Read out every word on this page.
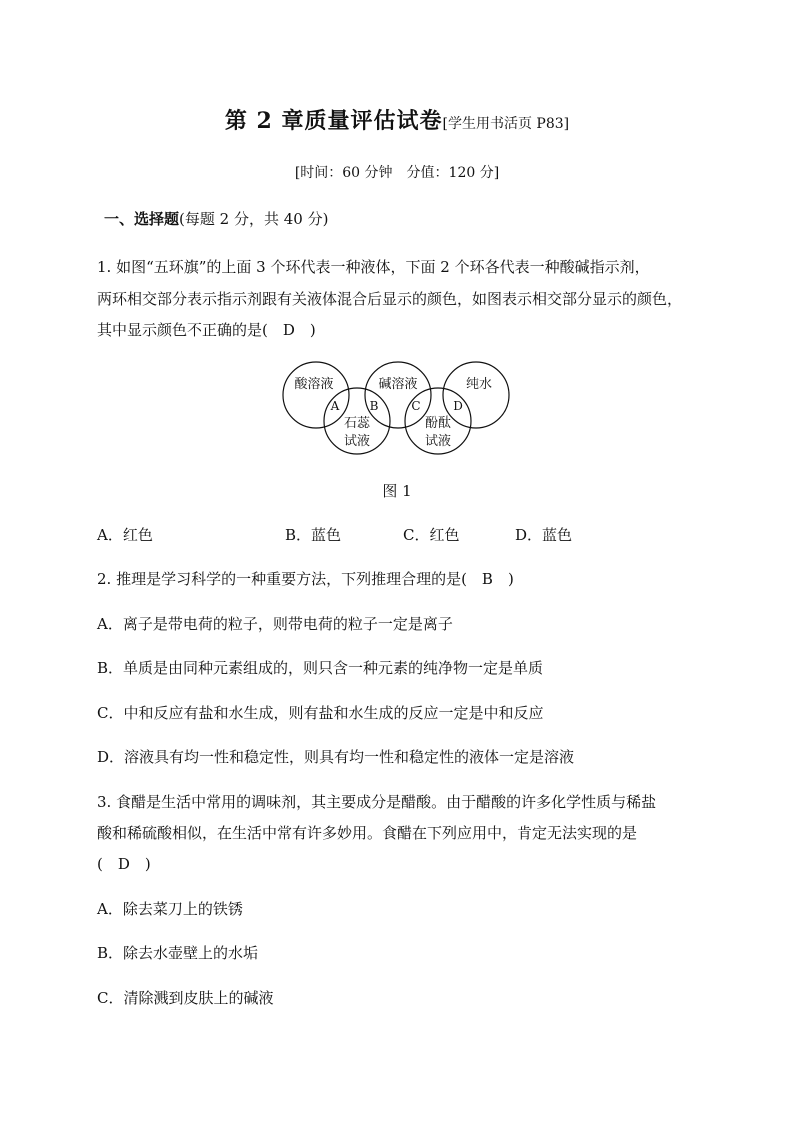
第 2 章质量评估试卷[学生用书活页 P83]
[时间：60 分钟　分值：120 分]
一、选择题(每题 2 分，共 40 分)
1. 如图“五环旗”的上面 3 个环代表一种液体，下面 2 个环各代表一种酸碱指示剂，
两环相交部分表示指示剂跟有关液体混合后显示的颜色，如图表示相交部分显示的颜色，
其中显示颜色不正确的是(　D　)
酸溶液	碱溶液	纯水
石蕊
试液
酚酞
试液
A	B	C	D
图 1
A．红色	B．蓝色	C．红色	D．蓝色
2. 推理是学习科学的一种重要方法，下列推理合理的是(　B　)
A．离子是带电荷的粒子，则带电荷的粒子一定是离子
B．单质是由同种元素组成的，则只含一种元素的纯净物一定是单质
C．中和反应有盐和水生成，则有盐和水生成的反应一定是中和反应
D．溶液具有均一性和稳定性，则具有均一性和稳定性的液体一定是溶液
3. 食醋是生活中常用的调味剂，其主要成分是醋酸。由于醋酸的许多化学性质与稀盐
酸和稀硫酸相似，在生活中常有许多妙用。食醋在下列应用中，肯定无法实现的是
(　D　)
A．除去菜刀上的铁锈
B．除去水壶壁上的水垢
C．清除溅到皮肤上的碱液
